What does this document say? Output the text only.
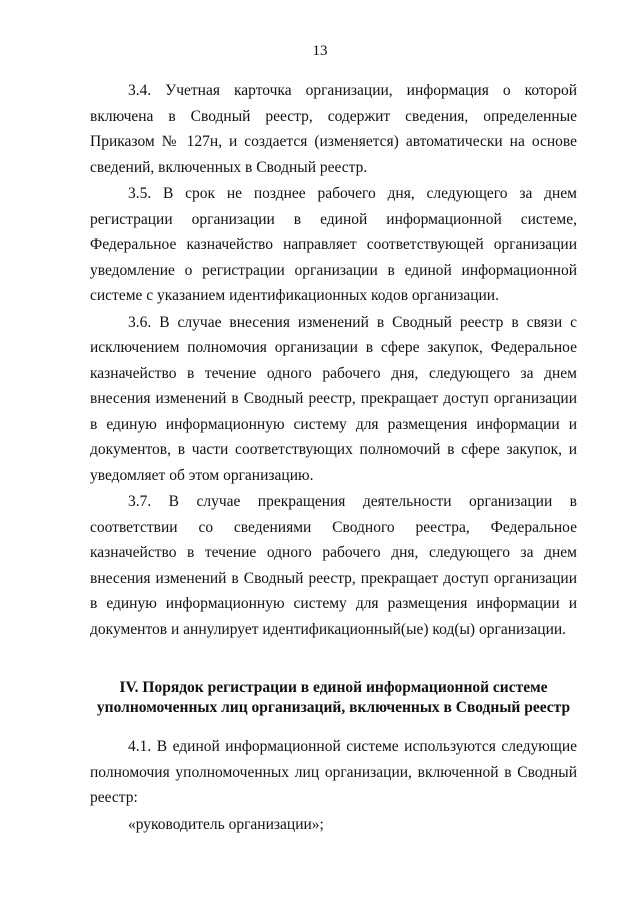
13

3.4. Учетная карточка организации, информация о которой включена в Сводный реестр, содержит сведения, определенные Приказом № 127н, и создается (изменяется) автоматически на основе сведений, включенных в Сводный реестр.

3.5. В срок не позднее рабочего дня, следующего за днем регистрации организации в единой информационной системе, Федеральное казначейство направляет соответствующей организации уведомление о регистрации организации в единой информационной системе с указанием идентификационных кодов организации.

3.6. В случае внесения изменений в Сводный реестр в связи с исключением полномочия организации в сфере закупок, Федеральное казначейство в течение одного рабочего дня, следующего за днем внесения изменений в Сводный реестр, прекращает доступ организации в единую информационную систему для размещения информации и документов, в части соответствующих полномочий в сфере закупок, и уведомляет об этом организацию.

3.7. В случае прекращения деятельности организации в соответствии со сведениями Сводного реестра, Федеральное казначейство в течение одного рабочего дня, следующего за днем внесения изменений в Сводный реестр, прекращает доступ организации в единую информационную систему для размещения информации и документов и аннулирует идентификационный(ые) код(ы) организации.

IV. Порядок регистрации в единой информационной системе
уполномоченных лиц организаций, включенных в Сводный реестр

4.1. В единой информационной системе используются следующие полномочия уполномоченных лиц организации, включенной в Сводный реестр:

«руководитель организации»;
